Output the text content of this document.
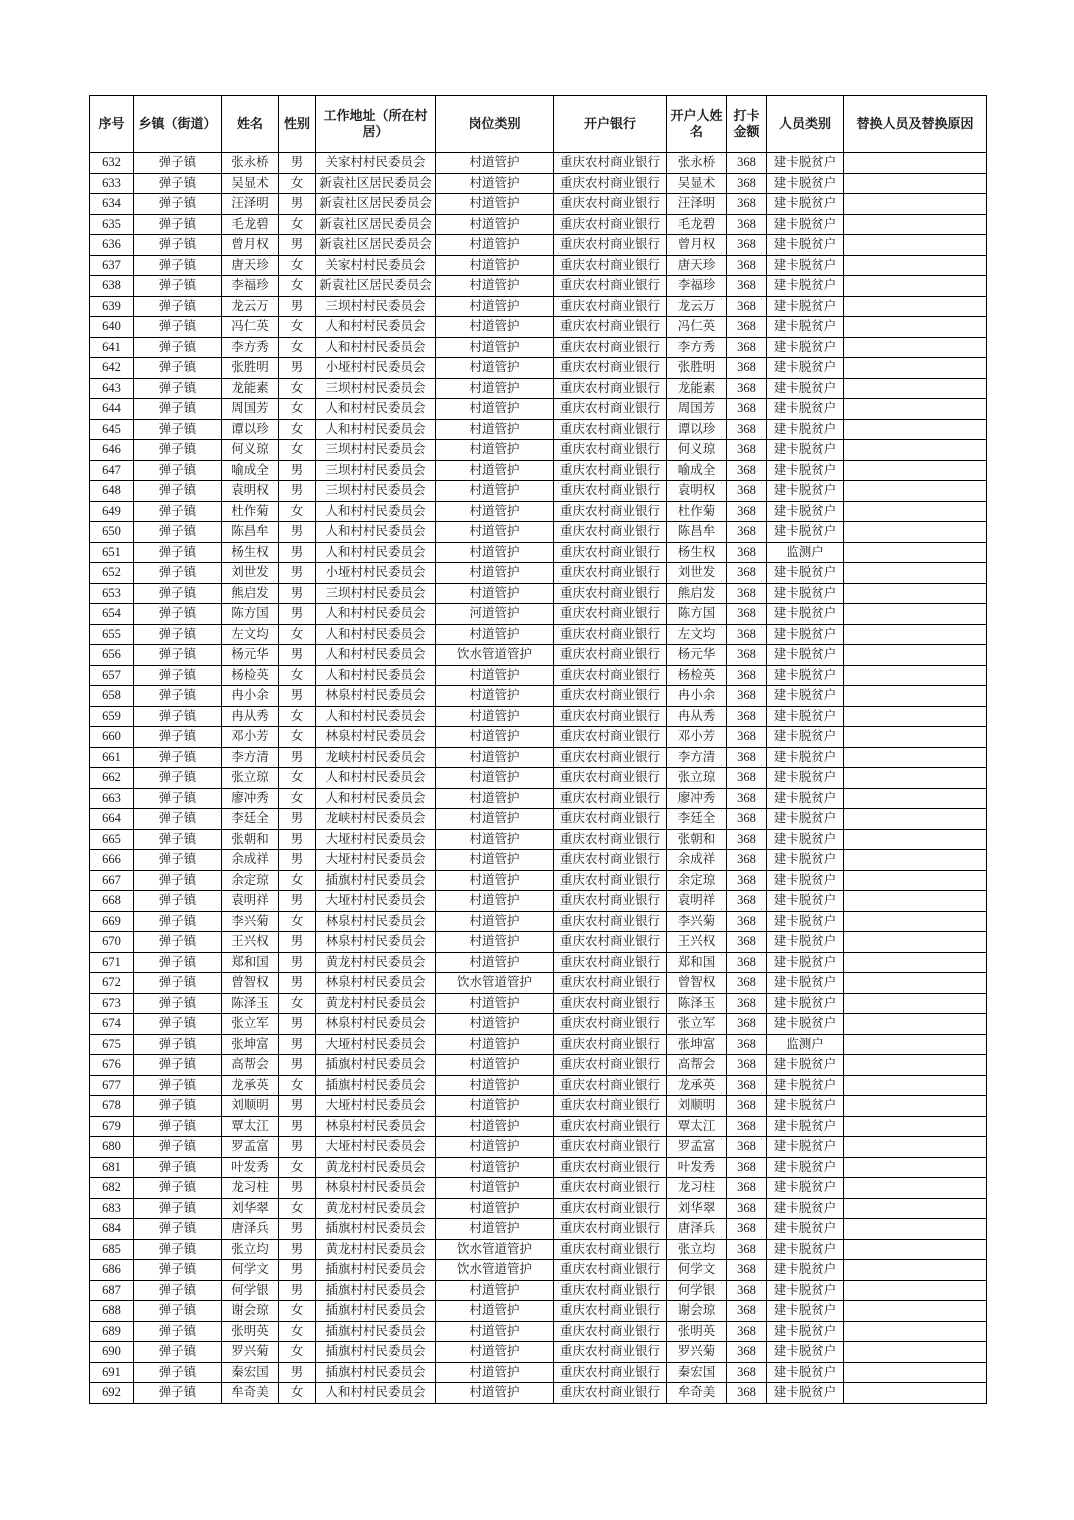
序号	乡镇（街道）	姓名	性别	工作地址（所在村居）	岗位类别	开户银行	开户人姓名	打卡金额	人员类别	替换人员及替换原因
632	弹子镇	张永桥	男	关家村村民委员会	村道管护	重庆农村商业银行	张永桥	368	建卡脱贫户	
633	弹子镇	吴显术	女	新袁社区居民委员会	村道管护	重庆农村商业银行	吴显术	368	建卡脱贫户	
634	弹子镇	汪泽明	男	新袁社区居民委员会	村道管护	重庆农村商业银行	汪泽明	368	建卡脱贫户	
635	弹子镇	毛龙碧	女	新袁社区居民委员会	村道管护	重庆农村商业银行	毛龙碧	368	建卡脱贫户	
636	弹子镇	曾月权	男	新袁社区居民委员会	村道管护	重庆农村商业银行	曾月权	368	建卡脱贫户	
637	弹子镇	唐天珍	女	关家村村民委员会	村道管护	重庆农村商业银行	唐天珍	368	建卡脱贫户	
638	弹子镇	李福珍	女	新袁社区居民委员会	村道管护	重庆农村商业银行	李福珍	368	建卡脱贫户	
639	弹子镇	龙云万	男	三坝村村民委员会	村道管护	重庆农村商业银行	龙云万	368	建卡脱贫户	
640	弹子镇	冯仁英	女	人和村村民委员会	村道管护	重庆农村商业银行	冯仁英	368	建卡脱贫户	
641	弹子镇	李方秀	女	人和村村民委员会	村道管护	重庆农村商业银行	李方秀	368	建卡脱贫户	
642	弹子镇	张胜明	男	小垭村村民委员会	村道管护	重庆农村商业银行	张胜明	368	建卡脱贫户	
643	弹子镇	龙能素	女	三坝村村民委员会	村道管护	重庆农村商业银行	龙能素	368	建卡脱贫户	
644	弹子镇	周国芳	女	人和村村民委员会	村道管护	重庆农村商业银行	周国芳	368	建卡脱贫户	
645	弹子镇	谭以珍	女	人和村村民委员会	村道管护	重庆农村商业银行	谭以珍	368	建卡脱贫户	
646	弹子镇	何义琼	女	三坝村村民委员会	村道管护	重庆农村商业银行	何义琼	368	建卡脱贫户	
647	弹子镇	喻成全	男	三坝村村民委员会	村道管护	重庆农村商业银行	喻成全	368	建卡脱贫户	
648	弹子镇	袁明权	男	三坝村村民委员会	村道管护	重庆农村商业银行	袁明权	368	建卡脱贫户	
649	弹子镇	杜作菊	女	人和村村民委员会	村道管护	重庆农村商业银行	杜作菊	368	建卡脱贫户	
650	弹子镇	陈昌牟	男	人和村村民委员会	村道管护	重庆农村商业银行	陈昌牟	368	建卡脱贫户	
651	弹子镇	杨生权	男	人和村村民委员会	村道管护	重庆农村商业银行	杨生权	368	监测户	
652	弹子镇	刘世发	男	小垭村村民委员会	村道管护	重庆农村商业银行	刘世发	368	建卡脱贫户	
653	弹子镇	熊启发	男	三坝村村民委员会	村道管护	重庆农村商业银行	熊启发	368	建卡脱贫户	
654	弹子镇	陈方国	男	人和村村民委员会	河道管护	重庆农村商业银行	陈方国	368	建卡脱贫户	
655	弹子镇	左文均	女	人和村村民委员会	村道管护	重庆农村商业银行	左文均	368	建卡脱贫户	
656	弹子镇	杨元华	男	人和村村民委员会	饮水管道管护	重庆农村商业银行	杨元华	368	建卡脱贫户	
657	弹子镇	杨检英	女	人和村村民委员会	村道管护	重庆农村商业银行	杨检英	368	建卡脱贫户	
658	弹子镇	冉小余	男	林泉村村民委员会	村道管护	重庆农村商业银行	冉小余	368	建卡脱贫户	
659	弹子镇	冉从秀	女	人和村村民委员会	村道管护	重庆农村商业银行	冉从秀	368	建卡脱贫户	
660	弹子镇	邓小芳	女	林泉村村民委员会	村道管护	重庆农村商业银行	邓小芳	368	建卡脱贫户	
661	弹子镇	李方清	男	龙峡村村民委员会	村道管护	重庆农村商业银行	李方清	368	建卡脱贫户	
662	弹子镇	张立琼	女	人和村村民委员会	村道管护	重庆农村商业银行	张立琼	368	建卡脱贫户	
663	弹子镇	廖冲秀	女	人和村村民委员会	村道管护	重庆农村商业银行	廖冲秀	368	建卡脱贫户	
664	弹子镇	李廷全	男	龙峡村村民委员会	村道管护	重庆农村商业银行	李廷全	368	建卡脱贫户	
665	弹子镇	张朝和	男	大垭村村民委员会	村道管护	重庆农村商业银行	张朝和	368	建卡脱贫户	
666	弹子镇	余成祥	男	大垭村村民委员会	村道管护	重庆农村商业银行	余成祥	368	建卡脱贫户	
667	弹子镇	余定琼	女	插旗村村民委员会	村道管护	重庆农村商业银行	余定琼	368	建卡脱贫户	
668	弹子镇	袁明祥	男	大垭村村民委员会	村道管护	重庆农村商业银行	袁明祥	368	建卡脱贫户	
669	弹子镇	李兴菊	女	林泉村村民委员会	村道管护	重庆农村商业银行	李兴菊	368	建卡脱贫户	
670	弹子镇	王兴权	男	林泉村村民委员会	村道管护	重庆农村商业银行	王兴权	368	建卡脱贫户	
671	弹子镇	郑和国	男	黄龙村村民委员会	村道管护	重庆农村商业银行	郑和国	368	建卡脱贫户	
672	弹子镇	曾智权	男	林泉村村民委员会	饮水管道管护	重庆农村商业银行	曾智权	368	建卡脱贫户	
673	弹子镇	陈泽玉	女	黄龙村村民委员会	村道管护	重庆农村商业银行	陈泽玉	368	建卡脱贫户	
674	弹子镇	张立军	男	林泉村村民委员会	村道管护	重庆农村商业银行	张立军	368	建卡脱贫户	
675	弹子镇	张坤富	男	大垭村村民委员会	村道管护	重庆农村商业银行	张坤富	368	监测户	
676	弹子镇	高帮会	男	插旗村村民委员会	村道管护	重庆农村商业银行	高帮会	368	建卡脱贫户	
677	弹子镇	龙承英	女	插旗村村民委员会	村道管护	重庆农村商业银行	龙承英	368	建卡脱贫户	
678	弹子镇	刘顺明	男	大垭村村民委员会	村道管护	重庆农村商业银行	刘顺明	368	建卡脱贫户	
679	弹子镇	覃太江	男	林泉村村民委员会	村道管护	重庆农村商业银行	覃太江	368	建卡脱贫户	
680	弹子镇	罗孟富	男	大垭村村民委员会	村道管护	重庆农村商业银行	罗孟富	368	建卡脱贫户	
681	弹子镇	叶发秀	女	黄龙村村民委员会	村道管护	重庆农村商业银行	叶发秀	368	建卡脱贫户	
682	弹子镇	龙习柱	男	林泉村村民委员会	村道管护	重庆农村商业银行	龙习柱	368	建卡脱贫户	
683	弹子镇	刘华翠	女	黄龙村村民委员会	村道管护	重庆农村商业银行	刘华翠	368	建卡脱贫户	
684	弹子镇	唐泽兵	男	插旗村村民委员会	村道管护	重庆农村商业银行	唐泽兵	368	建卡脱贫户	
685	弹子镇	张立均	男	黄龙村村民委员会	饮水管道管护	重庆农村商业银行	张立均	368	建卡脱贫户	
686	弹子镇	何学文	男	插旗村村民委员会	饮水管道管护	重庆农村商业银行	何学文	368	建卡脱贫户	
687	弹子镇	何学银	男	插旗村村民委员会	村道管护	重庆农村商业银行	何学银	368	建卡脱贫户	
688	弹子镇	谢会琼	女	插旗村村民委员会	村道管护	重庆农村商业银行	谢会琼	368	建卡脱贫户	
689	弹子镇	张明英	女	插旗村村民委员会	村道管护	重庆农村商业银行	张明英	368	建卡脱贫户	
690	弹子镇	罗兴菊	女	插旗村村民委员会	村道管护	重庆农村商业银行	罗兴菊	368	建卡脱贫户	
691	弹子镇	秦宏国	男	插旗村村民委员会	村道管护	重庆农村商业银行	秦宏国	368	建卡脱贫户	
692	弹子镇	牟奇美	女	人和村村民委员会	村道管护	重庆农村商业银行	牟奇美	368	建卡脱贫户	
